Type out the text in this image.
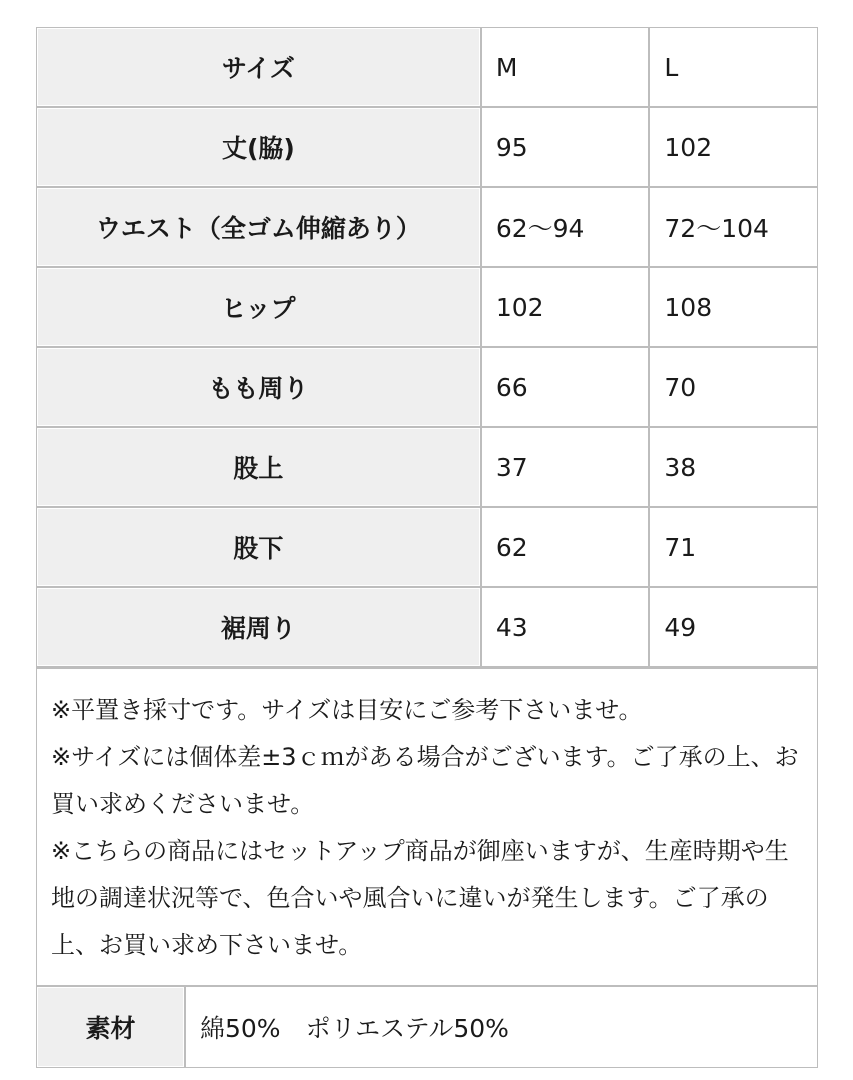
サイズ	M	L
丈(脇)	95	102
ウエスト（全ゴム伸縮あり）	62〜94	72〜104
ヒップ	102	108
もも周り	66	70
股上	37	38
股下	62	71
裾周り	43	49

※平置き採寸です。サイズは目安にご参考下さいませ。

※サイズには個体差±3ｃｍがある場合がございます。ご了承の上、お買い求めくださいませ。

※こちらの商品にはセットアップ商品が御座いますが、生産時期や生地の調達状況等で、色合いや風合いに違いが発生します。ご了承の上、お買い求め下さいませ。

素材	綿50%　ポリエステル50%
